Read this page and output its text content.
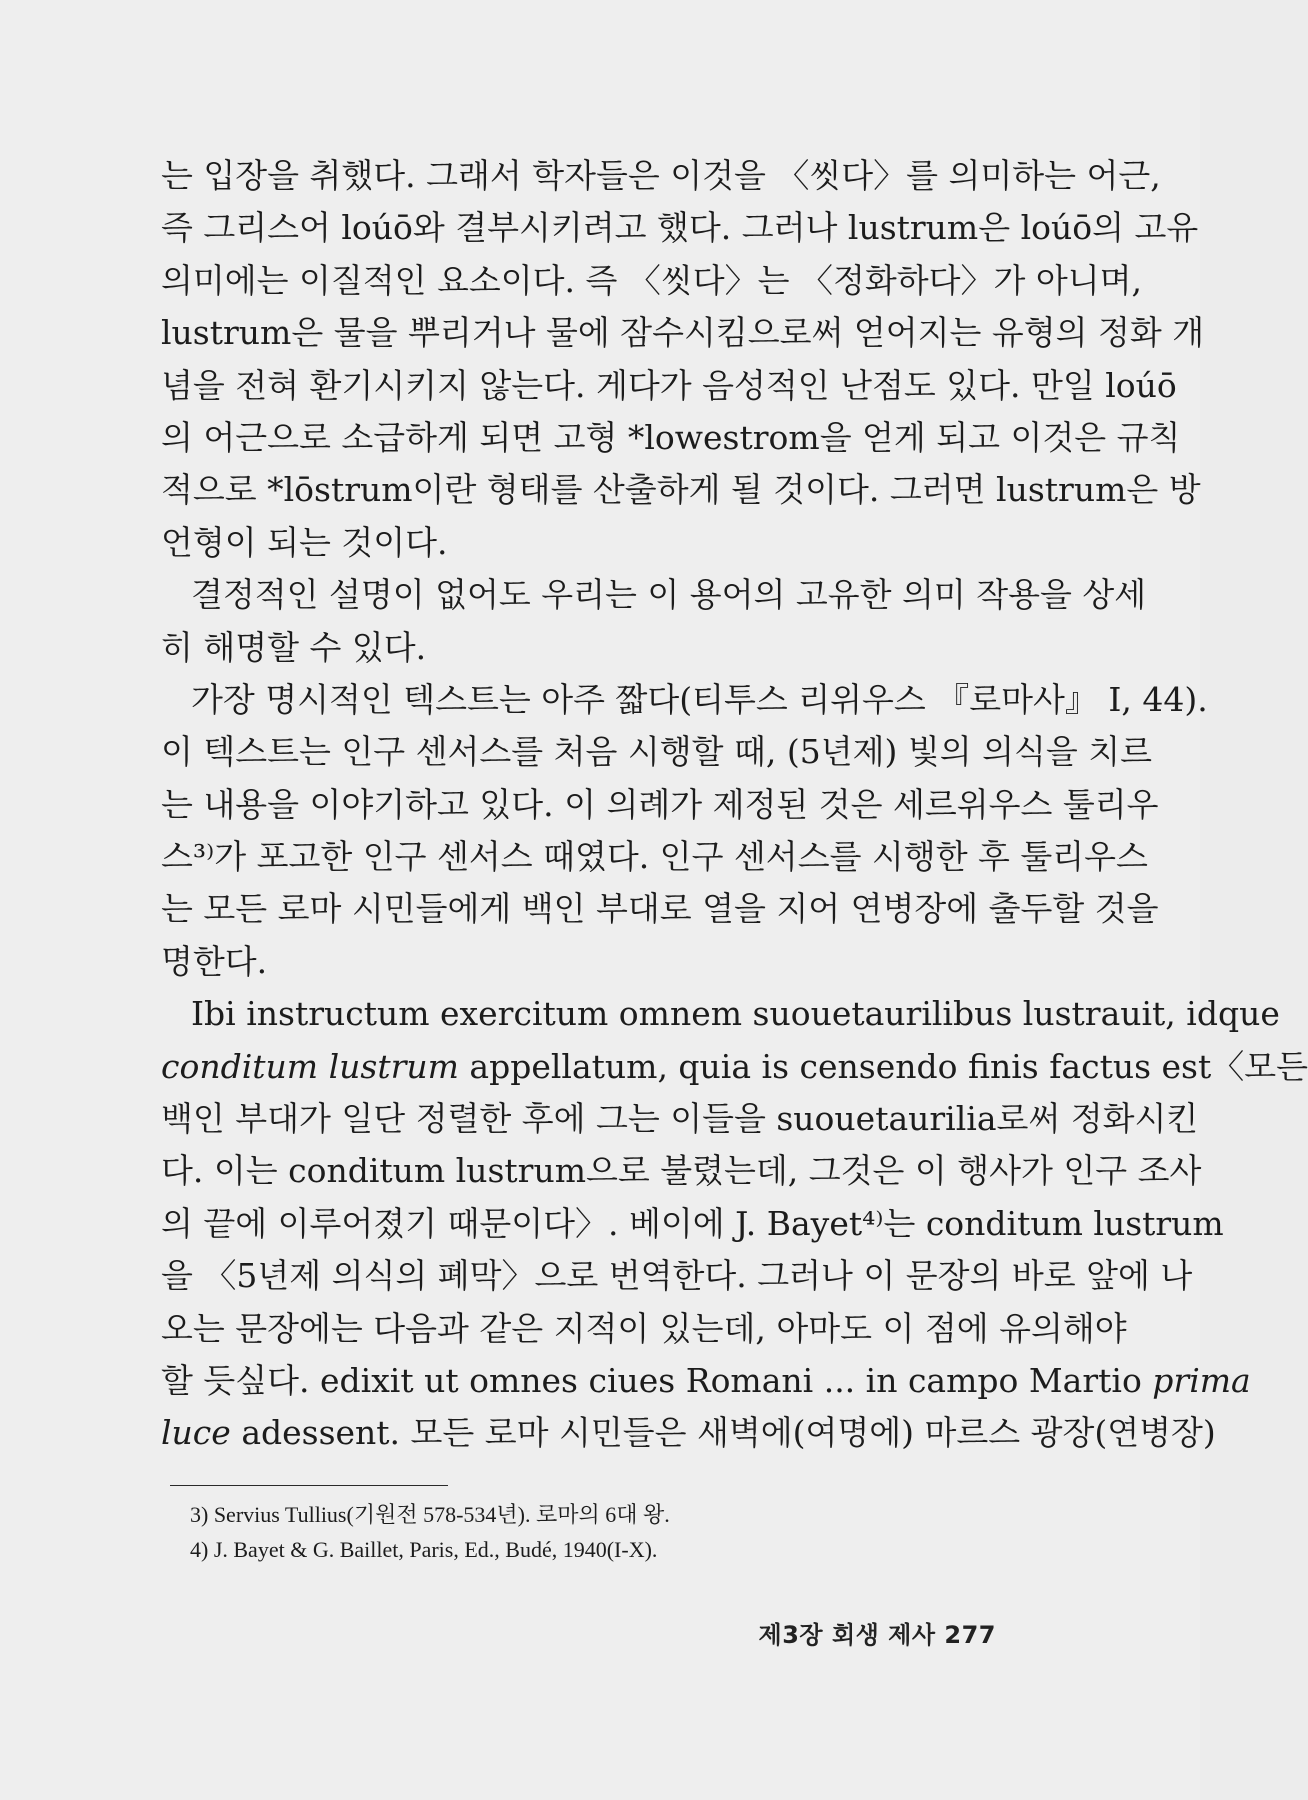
는 입장을 취했다. 그래서 학자들은 이것을 〈씻다〉를 의미하는 어근,
즉 그리스어 loúō와 결부시키려고 했다. 그러나 lustrum은 loúō의 고유
의미에는 이질적인 요소이다. 즉 〈씻다〉는 〈정화하다〉가 아니며,
lustrum은 물을 뿌리거나 물에 잠수시킴으로써 얻어지는 유형의 정화 개
념을 전혀 환기시키지 않는다. 게다가 음성적인 난점도 있다. 만일 loúō
의 어근으로 소급하게 되면 고형 *lowestrom을 얻게 되고 이것은 규칙
적으로 *lōstrum이란 형태를 산출하게 될 것이다. 그러면 lustrum은 방
언형이 되는 것이다.
결정적인 설명이 없어도 우리는 이 용어의 고유한 의미 작용을 상세
히 해명할 수 있다.
가장 명시적인 텍스트는 아주 짧다(티투스 리위우스 『로마사』 I, 44).
이 텍스트는 인구 센서스를 처음 시행할 때, (5년제) 빛의 의식을 치르
는 내용을 이야기하고 있다. 이 의례가 제정된 것은 세르위우스 툴리우
스³⁾가 포고한 인구 센서스 때였다. 인구 센서스를 시행한 후 툴리우스
는 모든 로마 시민들에게 백인 부대로 열을 지어 연병장에 출두할 것을
명한다.
Ibi instructum exercitum omnem suouetaurilibus lustrauit, idque
conditum lustrum appellatum, quia is censendo finis factus est〈모든
백인 부대가 일단 정렬한 후에 그는 이들을 suouetaurilia로써 정화시킨
다. 이는 conditum lustrum으로 불렸는데, 그것은 이 행사가 인구 조사
의 끝에 이루어졌기 때문이다〉. 베이에 J. Bayet⁴⁾는 conditum lustrum
을 〈5년제 의식의 폐막〉으로 번역한다. 그러나 이 문장의 바로 앞에 나
오는 문장에는 다음과 같은 지적이 있는데, 아마도 이 점에 유의해야
할 듯싶다. edixit ut omnes ciues Romani ... in campo Martio prima
luce adessent. 모든 로마 시민들은 새벽에(여명에) 마르스 광장(연병장)
3) Servius Tullius(기원전 578-534년). 로마의 6대 왕.
4) J. Bayet & G. Baillet, Paris, Ed., Budé, 1940(I-X).
제3장 회생 제사 277
